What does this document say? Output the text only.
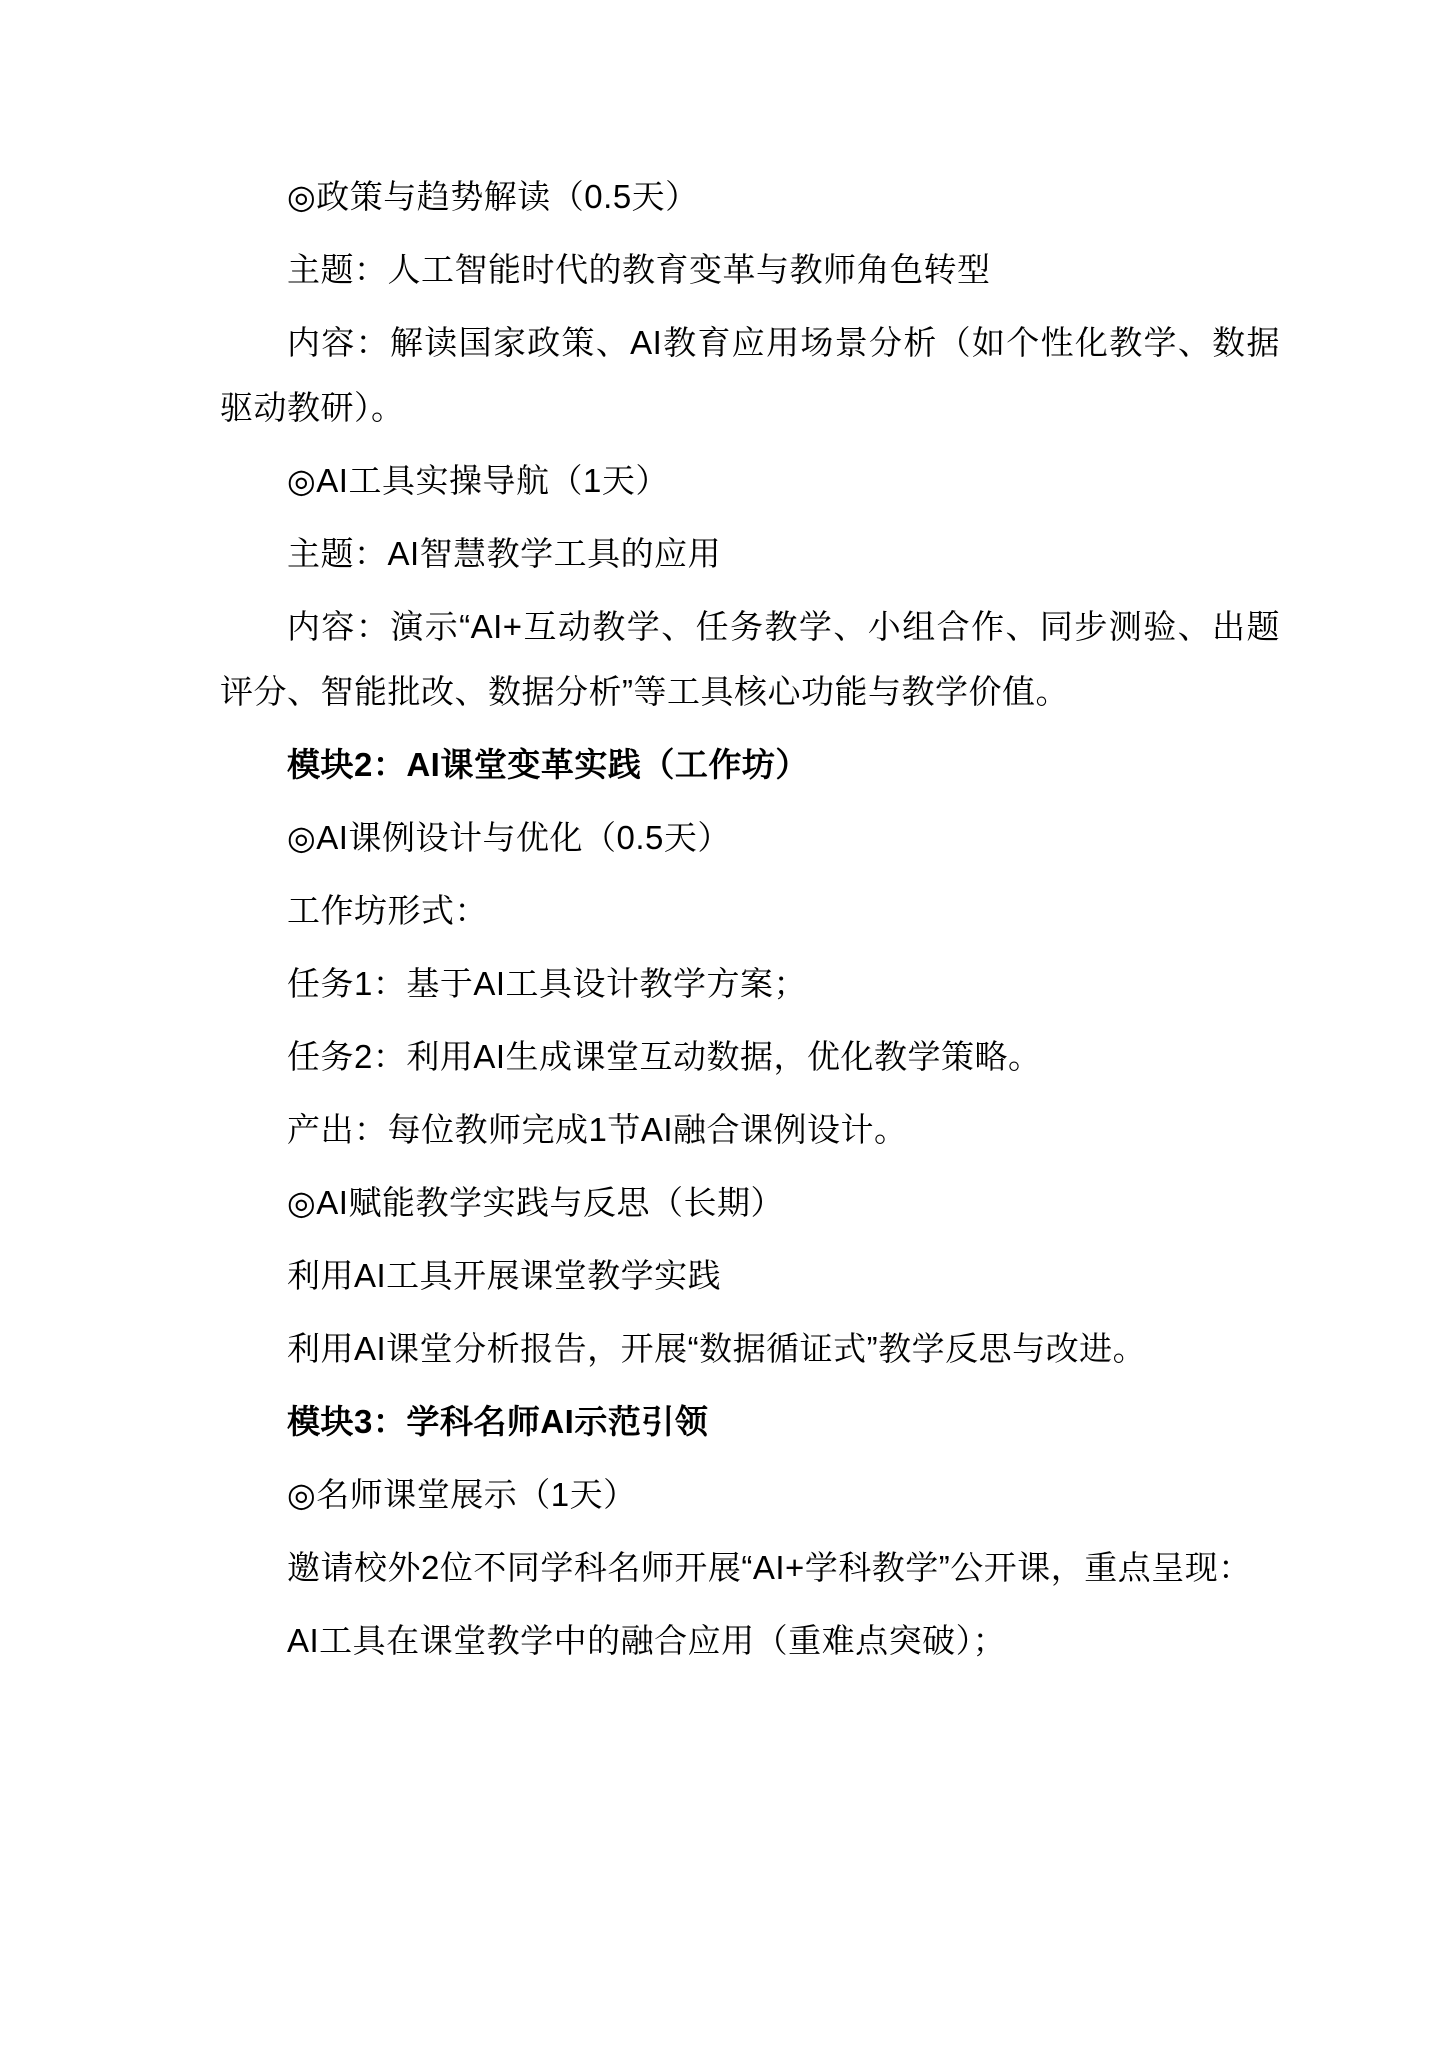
◎政策与趋势解读（0.5天）

主题：人工智能时代的教育变革与教师角色转型

内容：解读国家政策、AI教育应用场景分析（如个性化教学、数据驱动教研）。

◎AI工具实操导航（1天）

主题：AI智慧教学工具的应用

内容：演示“AI+互动教学、任务教学、小组合作、同步测验、出题评分、智能批改、数据分析”等工具核心功能与教学价值。

模块2：AI课堂变革实践（工作坊）

◎AI课例设计与优化（0.5天）

工作坊形式：

任务1：基于AI工具设计教学方案；

任务2：利用AI生成课堂互动数据，优化教学策略。

产出：每位教师完成1节AI融合课例设计。

◎AI赋能教学实践与反思（长期）

利用AI工具开展课堂教学实践

利用AI课堂分析报告，开展“数据循证式”教学反思与改进。

模块3：学科名师AI示范引领

◎名师课堂展示（1天）

邀请校外2位不同学科名师开展“AI+学科教学”公开课，重点呈现：

AI工具在课堂教学中的融合应用（重难点突破）；
